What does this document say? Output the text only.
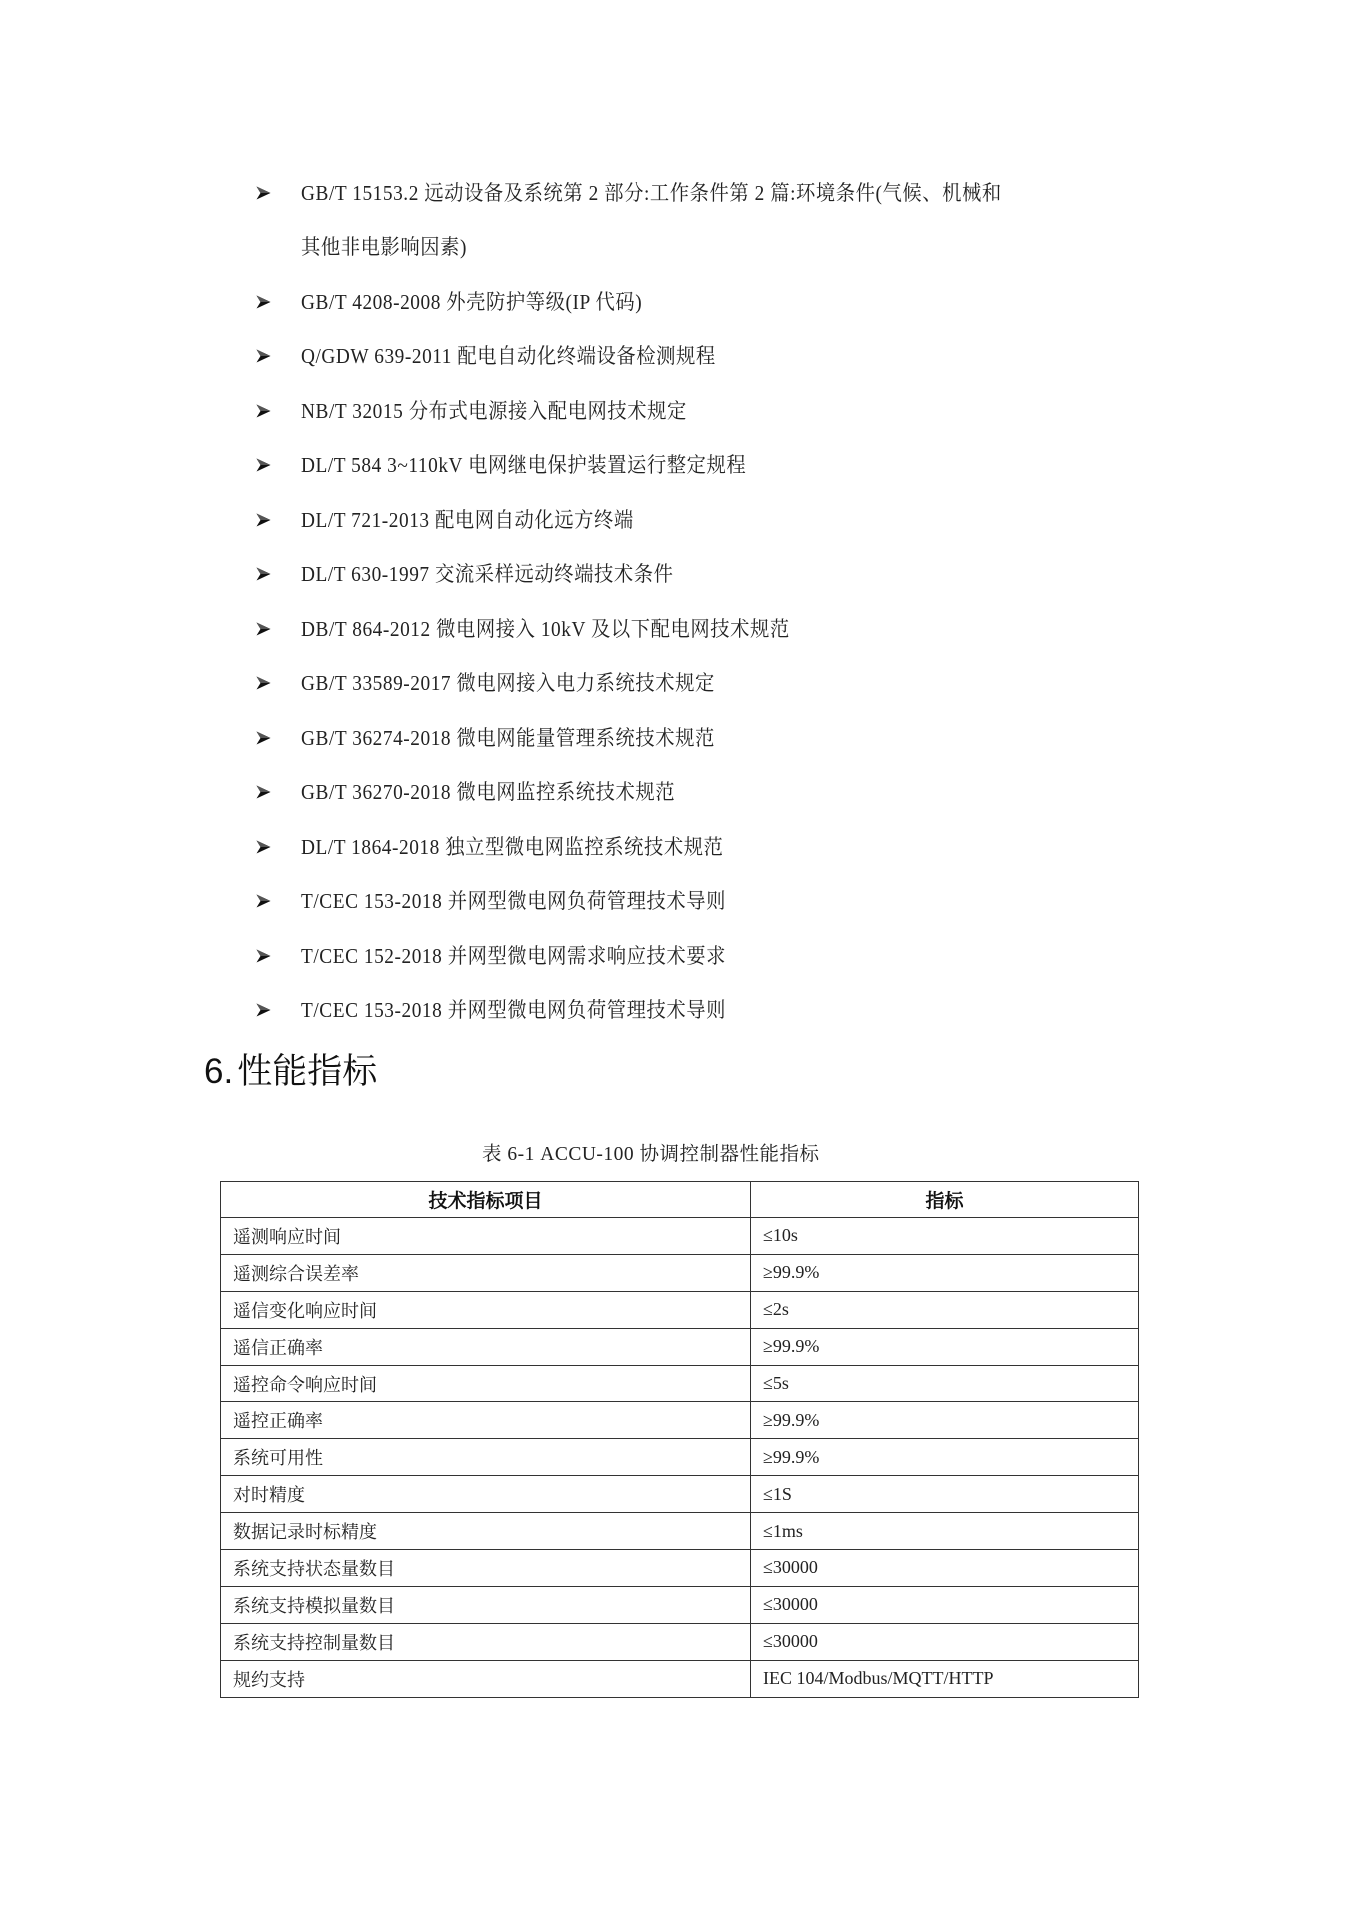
GB/T 15153.2 远动设备及系统第 2 部分:工作条件第 2 篇:环境条件(气候、机械和
其他非电影响因素)
GB/T 4208-2008 外壳防护等级(IP 代码)
Q/GDW 639-2011 配电自动化终端设备检测规程
NB/T 32015 分布式电源接入配电网技术规定
DL/T 584 3~110kV 电网继电保护装置运行整定规程
DL/T 721-2013 配电网自动化远方终端
DL/T 630-1997 交流采样远动终端技术条件
DB/T 864-2012 微电网接入 10kV 及以下配电网技术规范
GB/T 33589-2017 微电网接入电力系统技术规定
GB/T 36274-2018 微电网能量管理系统技术规范
GB/T 36270-2018 微电网监控系统技术规范
DL/T 1864-2018 独立型微电网监控系统技术规范
T/CEC 153-2018 并网型微电网负荷管理技术导则
T/CEC 152-2018 并网型微电网需求响应技术要求
T/CEC 153-2018 并网型微电网负荷管理技术导则
6. 性能指标
表 6-1 ACCU-100 协调控制器性能指标
技术指标项目	指标
遥测响应时间	≤10s
遥测综合误差率	≥99.9%
遥信变化响应时间	≤2s
遥信正确率	≥99.9%
遥控命令响应时间	≤5s
遥控正确率	≥99.9%
系统可用性	≥99.9%
对时精度	≤1S
数据记录时标精度	≤1ms
系统支持状态量数目	≤30000
系统支持模拟量数目	≤30000
系统支持控制量数目	≤30000
规约支持	IEC 104/Modbus/MQTT/HTTP
